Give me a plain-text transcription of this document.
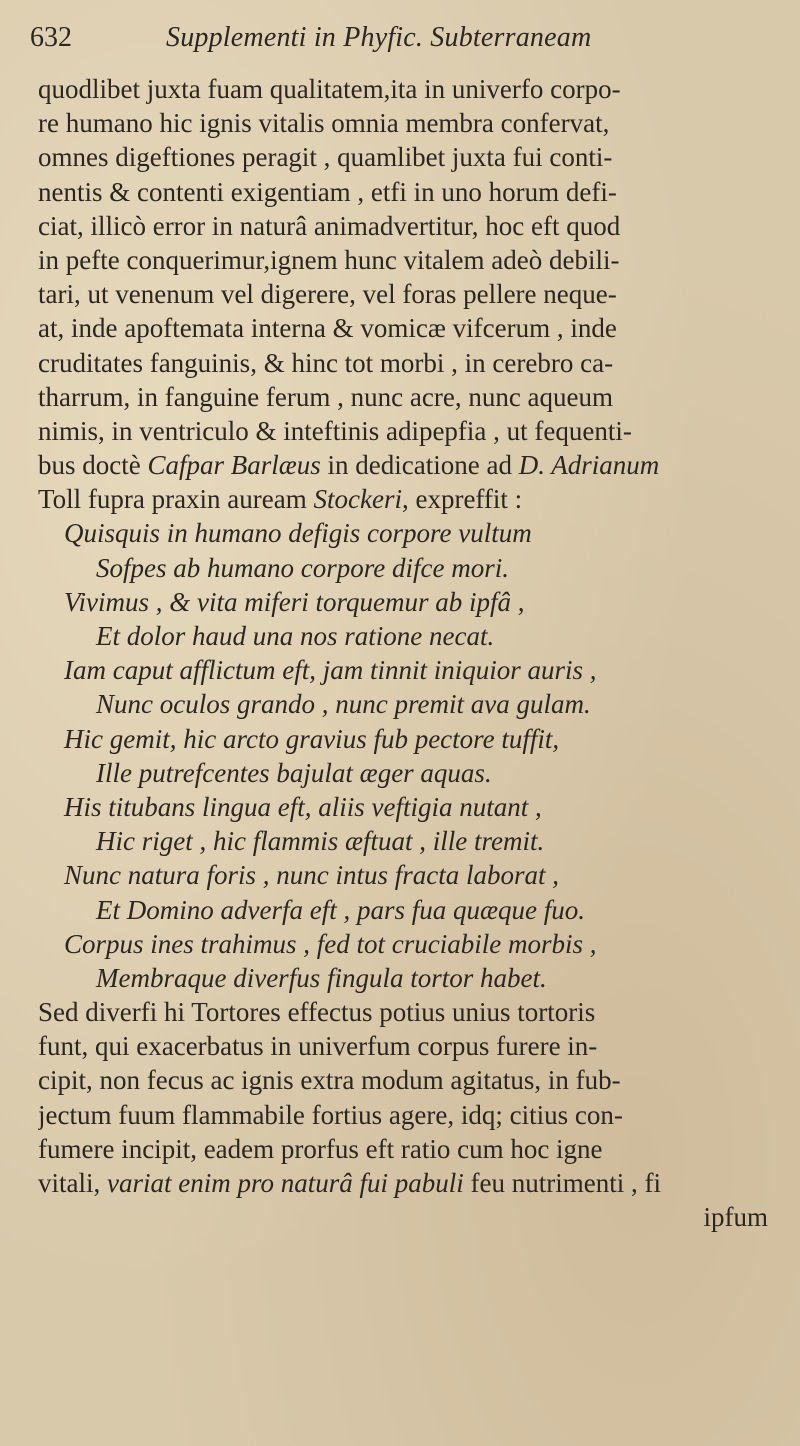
632	Supplementi in Phyfic. Subterraneam
quodlibet juxta fuam qualitatem,ita in univerfo corpo-
re humano hic ignis vitalis omnia membra confervat,
omnes digeftiones peragit , quamlibet juxta fui conti-
nentis & contenti exigentiam , etfi in uno horum defi-
ciat, illicò error in naturâ animadvertitur, hoc eft quod
in pefte conquerimur,ignem hunc vitalem adeò debili-
tari, ut venenum vel digerere, vel foras pellere neque-
at, inde apoftemata interna & vomicæ vifcerum , inde
cruditates fanguinis, & hinc tot morbi , in cerebro ca-
tharrum, in fanguine ferum , nunc acre, nunc aqueum
nimis, in ventriculo & inteftinis adipepfia , ut fequenti-
bus doctè Cafpar Barlæus in dedicatione ad D. Adrianum
Toll fupra praxin auream Stockeri, expreffit :
Quisquis in humano defigis corpore vultum
Sofpes ab humano corpore difce mori.
Vivimus , & vita miferi torquemur ab ipfâ ,
Et dolor haud una nos ratione necat.
Iam caput afflictum eft, jam tinnit iniquior auris ,
Nunc oculos grando , nunc premit ava gulam.
Hic gemit, hic arcto gravius fub pectore tuffit,
Ille putrefcentes bajulat æger aquas.
His titubans lingua eft, aliis veftigia nutant ,
Hic riget , hic flammis æftuat , ille tremit.
Nunc natura foris , nunc intus fracta laborat ,
Et Domino adverfa eft , pars fua quæque fuo.
Corpus ines trahimus , fed tot cruciabile morbis ,
Membraque diverfus fingula tortor habet.
Sed diverfi hi Tortores effectus potius unius tortoris
funt, qui exacerbatus in univerfum corpus furere in-
cipit, non fecus ac ignis extra modum agitatus, in fub-
jectum fuum flammabile fortius agere, idq; citius con-
fumere incipit, eadem prorfus eft ratio cum hoc igne
vitali, variat enim pro naturâ fui pabuli feu nutrimenti , fi
ipfum
